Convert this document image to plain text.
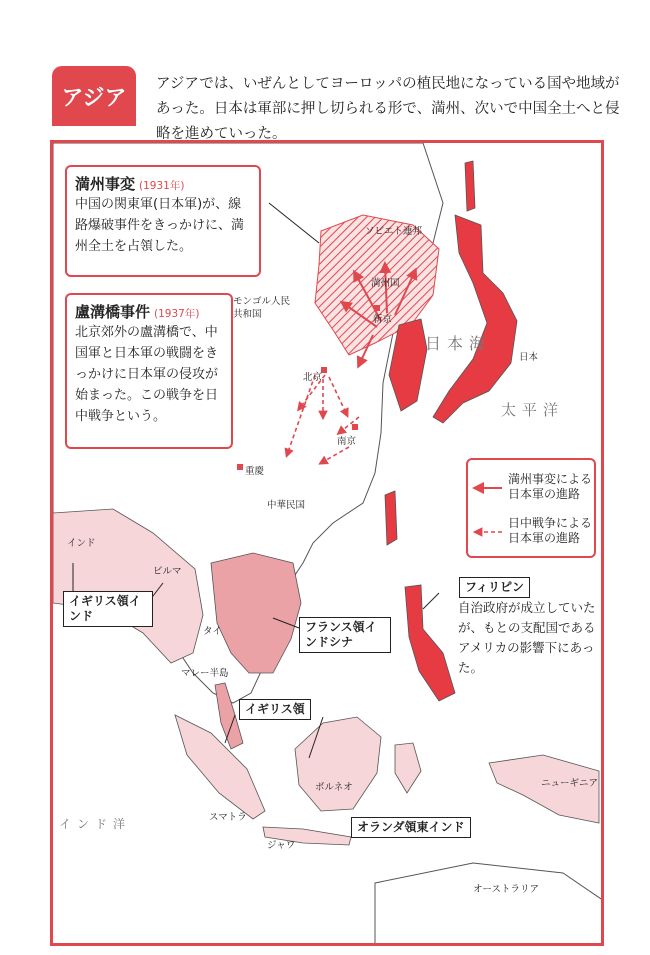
アジア
アジアでは、いぜんとしてヨーロッパの植民地になっている国や地域があった。日本は軍部に押し切られる形で、満州、次いで中国全土へと侵略を進めていった。
ソビエト連邦
モンゴル人民共和国
満州国
新京
北京
南京
重慶
中華民国
日本
インド
ビルマ
タイ
マレー半島
ボルネオ
スマトラ
ジャワ
ニューギニア
オーストラリア
日本海
太平洋
インド洋
満州事変 (1931年)
中国の関東軍(日本軍)が、線路爆破事件をきっかけに、満州全土を占領した。
盧溝橋事件 (1937年)
北京郊外の盧溝橋で、中国軍と日本軍の戦闘をきっかけに日本軍の侵攻が始まった。この戦争を日中戦争という。
イギリス領インド
フランス領インドシナ
イギリス領
オランダ領東インド
フィリピン
満州事変による日本軍の進路
日中戦争による日本軍の進路
自治政府が成立していたが、もとの支配国であるアメリカの影響下にあった。
